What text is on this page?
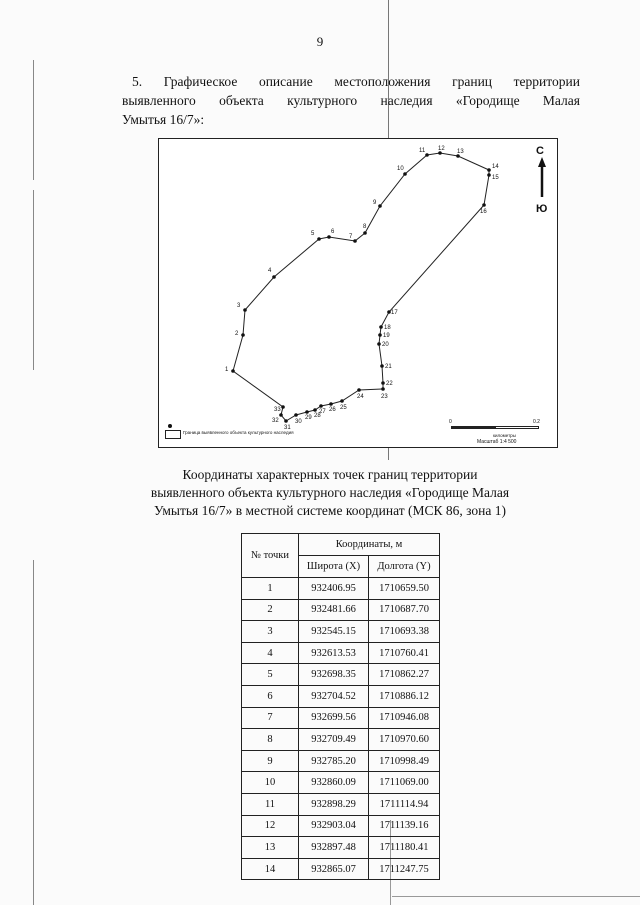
9
5. Графическое описание местоположения границ территории
выявленного объекта культурного наследия «Городище Малая
Умытья 16/7»:
1
2
3
4
5	6
7
8
9
10
11 12 13
14
15
16
17
18
19
20
21
22
23
24
25
26
27
28
29
30
31
32
33
С
Ю
Граница выявленного объекта культурного наследия
0	0.2
километры
Масштаб 1:4 500
Координаты характерных точек границ территории
выявленного объекта культурного наследия «Городище Малая
Умытья 16/7» в местной системе координат (МСК 86, зона 1)
№ точки	Координаты, м	
	Широта (X)	Долгота (Y)
1	932406.95	1710659.50
2	932481.66	1710687.70
3	932545.15	1710693.38
4	932613.53	1710760.41
5	932698.35	1710862.27
6	932704.52	1710886.12
7	932699.56	1710946.08
8	932709.49	1710970.60
9	932785.20	1710998.49
10	932860.09	1711069.00
11	932898.29	1711114.94
12	932903.04	1711139.16
13	932897.48	1711180.41
14	932865.07	1711247.75
